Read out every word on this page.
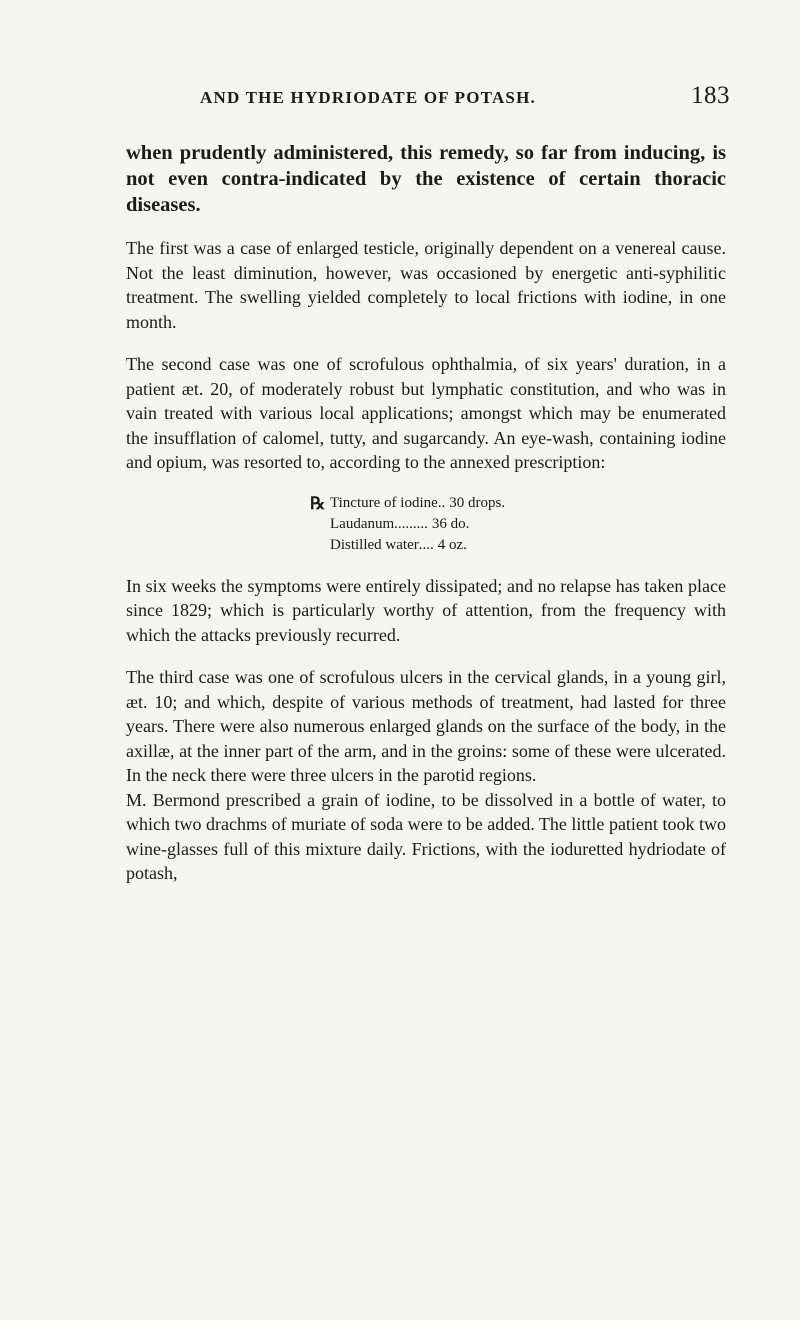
AND THE HYDRIODATE OF POTASH.	183

when prudently administered, this remedy, so far from inducing, is not even contra-indicated by the existence of certain thoracic diseases.

The first was a case of enlarged testicle, originally dependent on a venereal cause. Not the least diminution, however, was occasioned by energetic anti-syphilitic treatment. The swelling yielded completely to local frictions with iodine, in one month.

The second case was one of scrofulous ophthalmia, of six years' duration, in a patient æt. 20, of moderately robust but lymphatic constitution, and who was in vain treated with various local applications; amongst which may be enumerated the insufflation of calomel, tutty, and sugarcandy. An eye-wash, containing iodine and opium, was resorted to, according to the annexed prescription:

℞ Tincture of iodine .. 30 drops.
Laudanum ......... 36 do.
Distilled water .... 4 oz.

In six weeks the symptoms were entirely dissipated; and no relapse has taken place since 1829; which is particularly worthy of attention, from the frequency with which the attacks previously recurred.

The third case was one of scrofulous ulcers in the cervical glands, in a young girl, æt. 10; and which, despite of various methods of treatment, had lasted for three years. There were also numerous enlarged glands on the surface of the body, in the axillæ, at the inner part of the arm, and in the groins: some of these were ulcerated. In the neck there were three ulcers in the parotid regions.

M. Bermond prescribed a grain of iodine, to be dissolved in a bottle of water, to which two drachms of muriate of soda were to be added. The little patient took two wine-glasses full of this mixture daily. Frictions, with the ioduretted hydriodate of potash,
